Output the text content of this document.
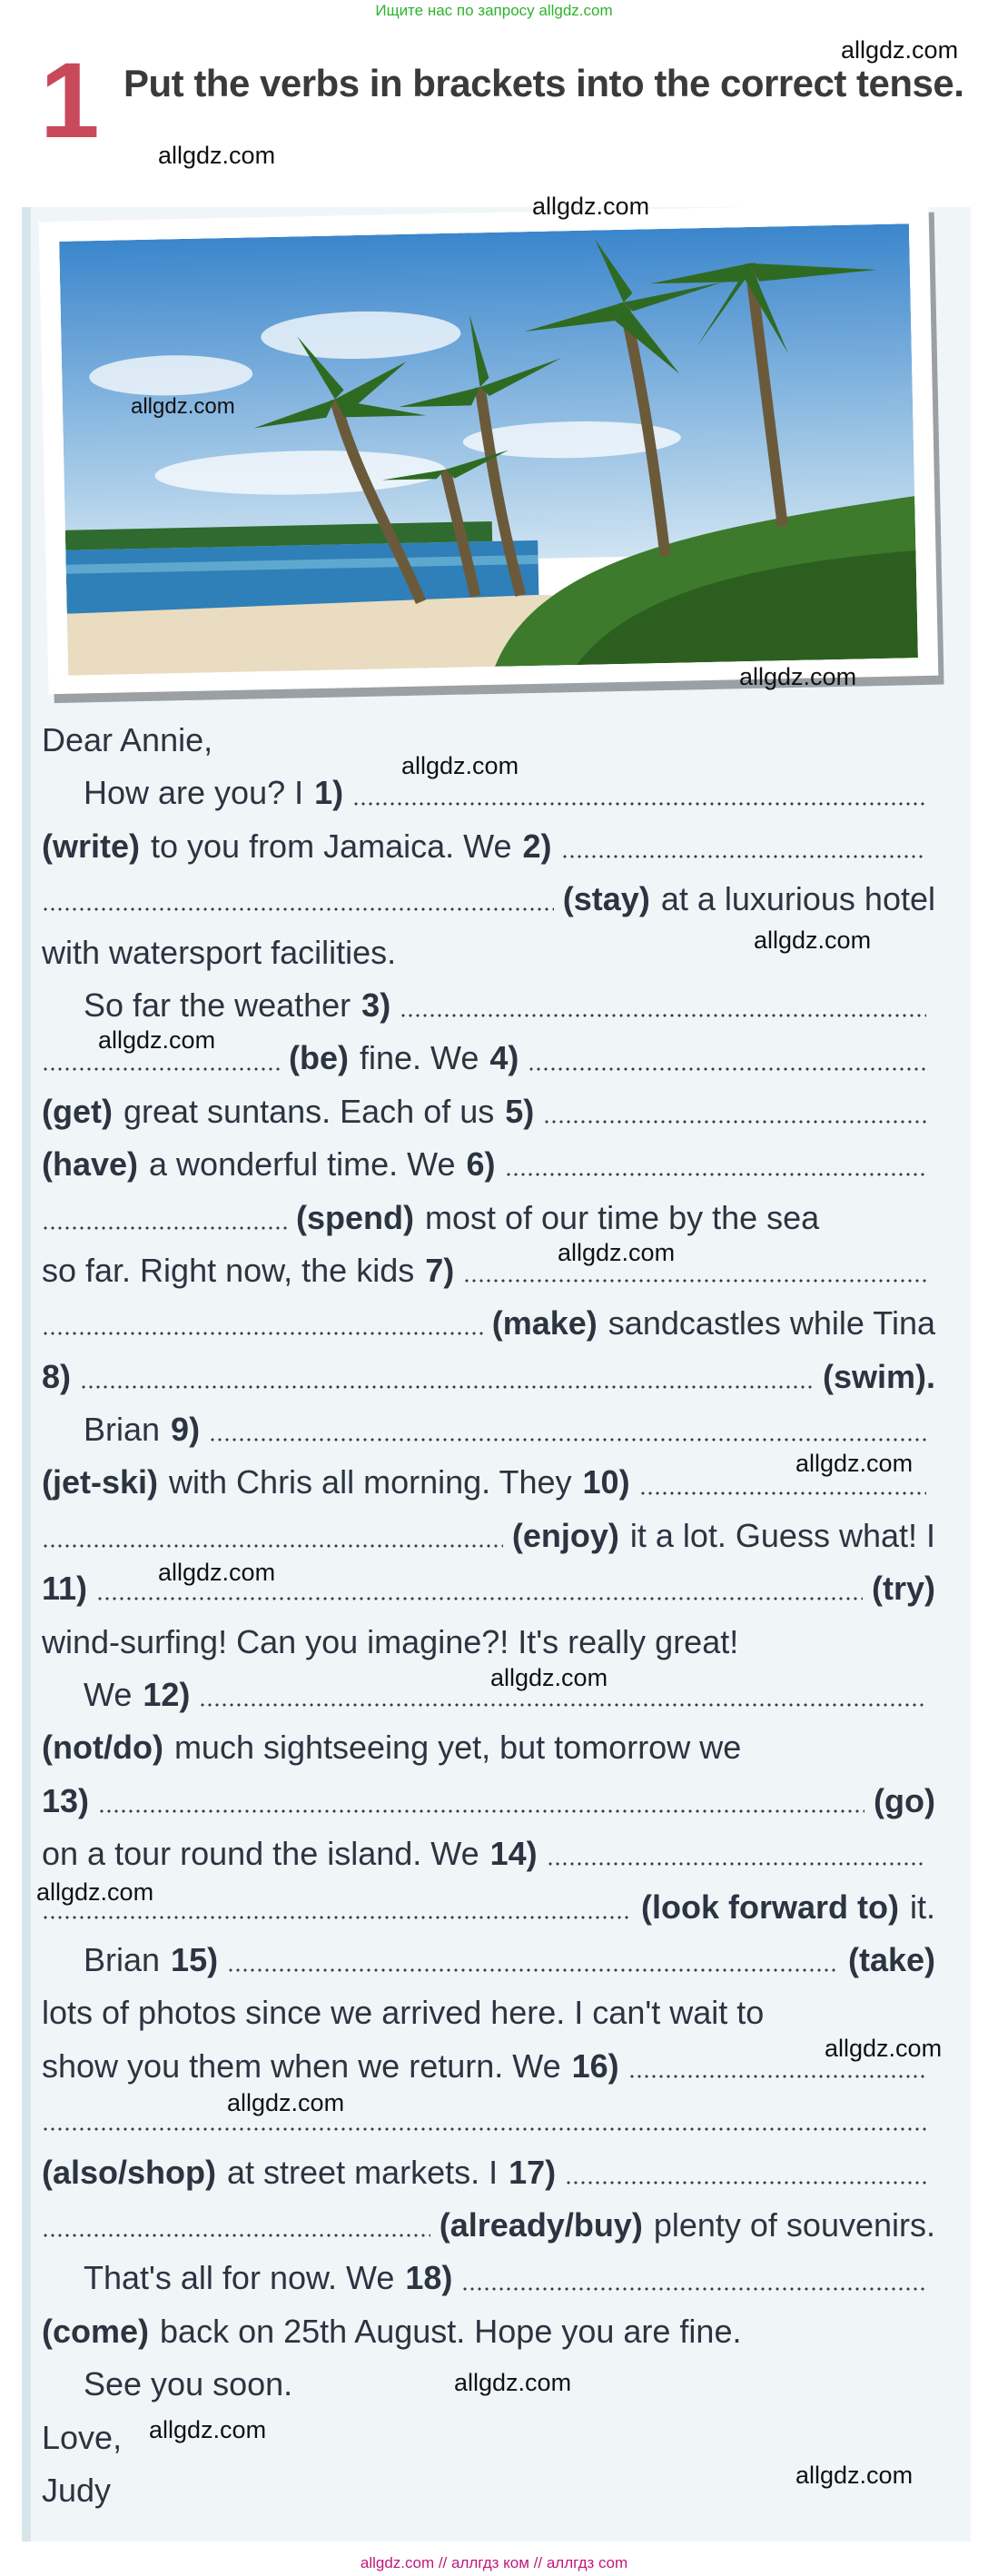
Ищите нас по запросу allgdz.com
1 Put the verbs in brackets into the correct tense.
allgdz.com
allgdz.com
allgdz.com
allgdz.com
allgdz.com
allgdz.com
allgdz.com
allgdz.com
allgdz.com
allgdz.com
allgdz.com
allgdz.com
allgdz.com
allgdz.com
allgdz.com
allgdz.com
allgdz.com
allgdz.com
Dear Annie,
How are you? I 1)
(write) to you from Jamaica. We 2)
(stay) at a luxurious hotel
with watersport facilities.
So far the weather 3)
(be) fine. We 4)
(get) great suntans. Each of us 5)
(have) a wonderful time. We 6)
(spend) most of our time by the sea
so far. Right now, the kids 7)
(make) sandcastles while Tina
8)	(swim).
Brian 9)
(jet-ski) with Chris all morning. They 10)
(enjoy) it a lot. Guess what! I
11)	(try)
wind-surfing! Can you imagine?! It's really great!
We 12)
(not/do) much sightseeing yet, but tomorrow we
13)	(go)
on a tour round the island. We 14)
(look forward to) it.
Brian 15)	(take)
lots of photos since we arrived here. I can't wait to
show you them when we return. We 16)
(also/shop) at street markets. I 17)
(already/buy) plenty of souvenirs.
That's all for now. We 18)
(come) back on 25th August. Hope you are fine.
See you soon.
Love,
Judy
allgdz.com // аллгдз ком // аллгдз com
